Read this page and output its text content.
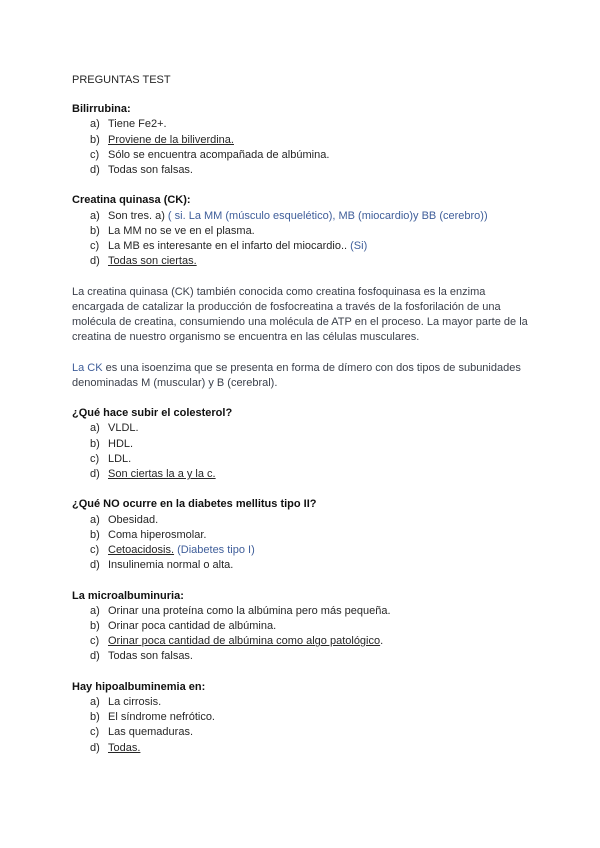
PREGUNTAS TEST
Bilirrubina:
a) Tiene Fe2+.
b) Proviene de la biliverdina.
c) Sólo se encuentra acompañada de albúmina.
d) Todas son falsas.
Creatina quinasa (CK):
a) Son tres. a) ( si. La MM (músculo esquelético), MB (miocardio)y BB (cerebro))
b) La MM no se ve en el plasma.
c) La MB es interesante en el infarto del miocardio.. (Si)
d) Todas son ciertas.
La creatina quinasa (CK) también conocida como creatina fosfoquinasa es la enzima encargada de catalizar la producción de fosfocreatina a través de la fosforilación de una molécula de creatina, consumiendo una molécula de ATP en el proceso. La mayor parte de la creatina de nuestro organismo se encuentra en las células musculares.
La CK es una isoenzima que se presenta en forma de dímero con dos tipos de subunidades denominadas M (muscular) y B (cerebral).
¿Qué hace subir el colesterol?
a) VLDL.
b) HDL.
c) LDL.
d) Son ciertas la a y la c.
¿Qué NO ocurre en la diabetes mellitus tipo II?
a) Obesidad.
b) Coma hiperosmolar.
c) Cetoacidosis. (Diabetes tipo I)
d) Insulinemia normal o alta.
La microalbuminuria:
a) Orinar una proteína como la albúmina pero más pequeña.
b) Orinar poca cantidad de albúmina.
c) Orinar poca cantidad de albúmina como algo patológico.
d) Todas son falsas.
Hay hipoalbuminemia en:
a) La cirrosis.
b) El síndrome nefrótico.
c) Las quemaduras.
d) Todas.
